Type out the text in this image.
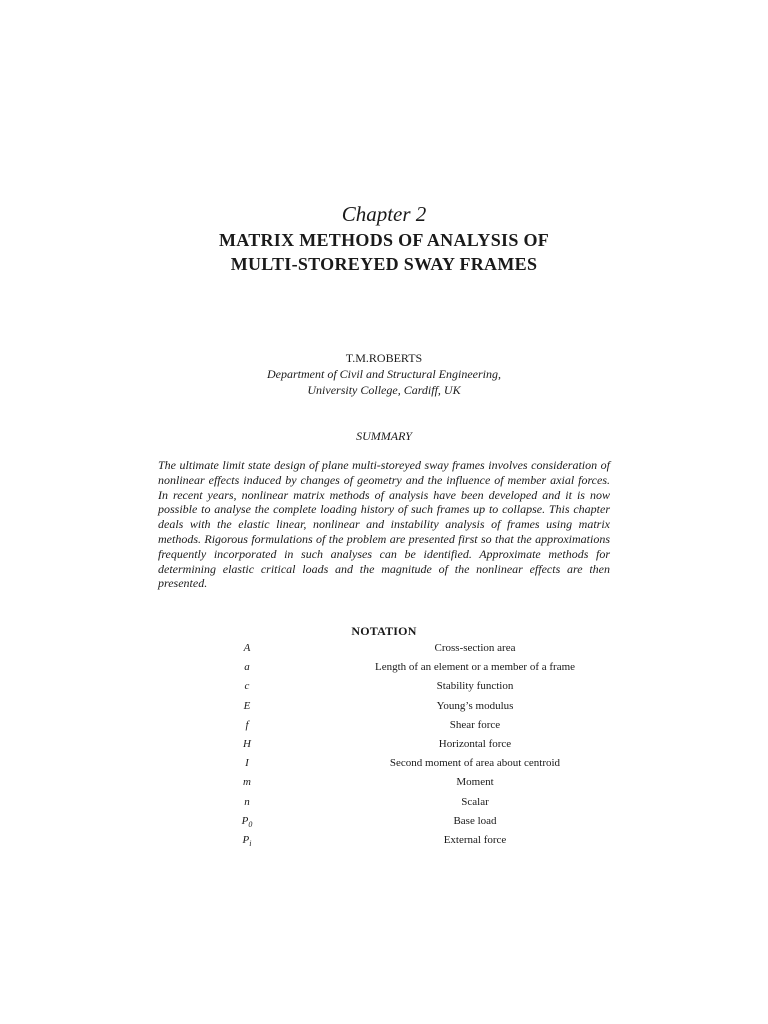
Chapter 2
MATRIX METHODS OF ANALYSIS OF
MULTI-STOREYED SWAY FRAMES
T.M.ROBERTS
Department of Civil and Structural Engineering,
University College, Cardiff, UK
SUMMARY
The ultimate limit state design of plane multi-storeyed sway frames involves consideration of nonlinear effects induced by changes of geometry and the influence of member axial forces. In recent years, nonlinear matrix methods of analysis have been developed and it is now possible to analyse the complete loading history of such frames up to collapse. This chapter deals with the elastic linear, nonlinear and instability analysis of frames using matrix methods. Rigorous formulations of the problem are presented first so that the approximations frequently incorporated in such analyses can be identified. Approximate methods for determining elastic critical loads and the magnitude of the nonlinear effects are then presented.
NOTATION
A	Cross-section area
a	Length of an element or a member of a frame
c	Stability function
E	Young’s modulus
f	Shear force
H	Horizontal force
I	Second moment of area about centroid
m	Moment
n	Scalar
$P_0$	Base load
$P_i$	External force
